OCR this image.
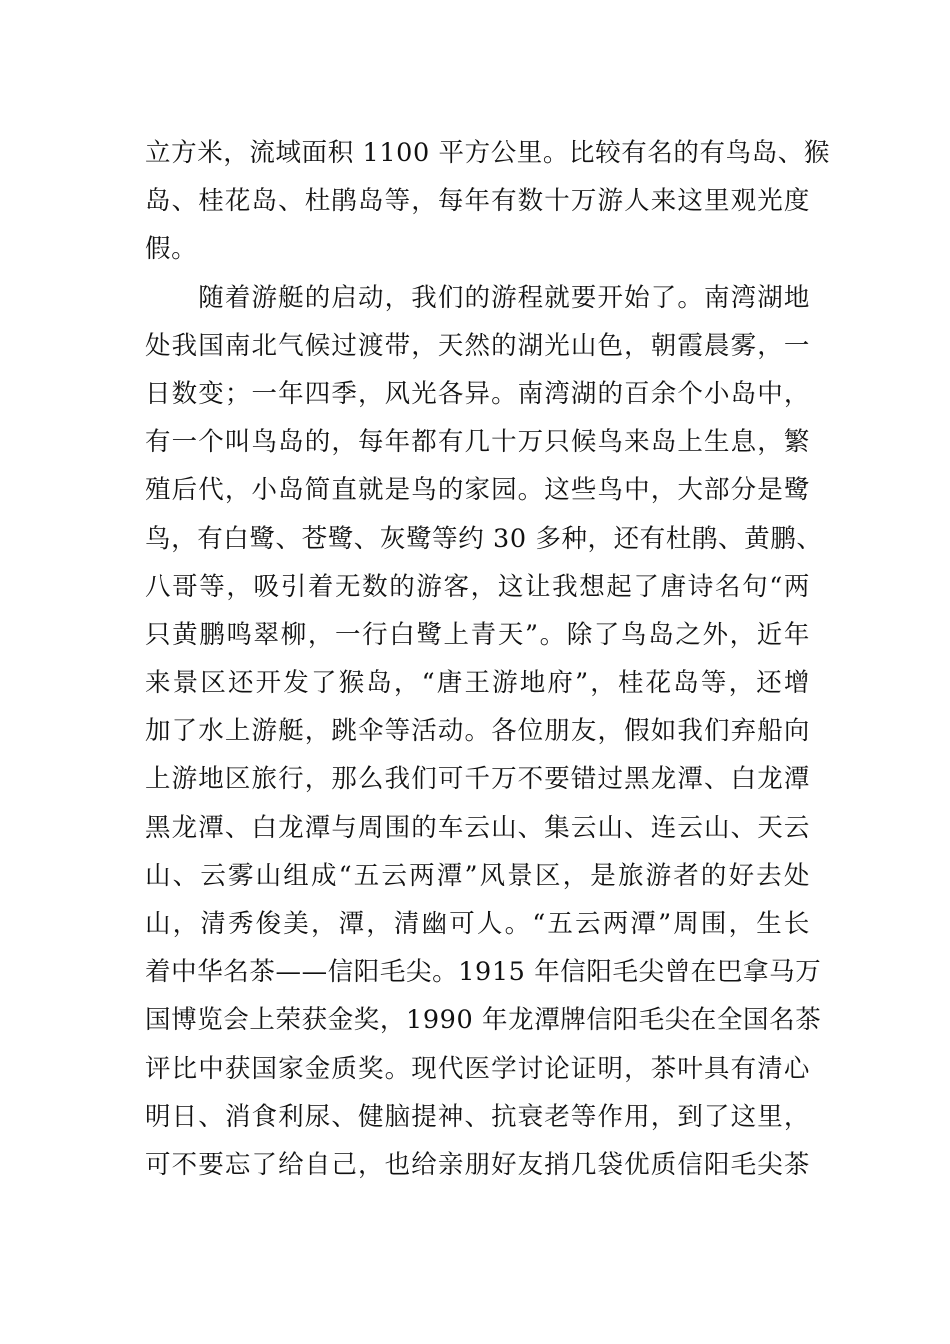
立方米，流域面积 1100 平方公里。比较有名的有鸟岛、猴
岛、桂花岛、杜鹃岛等，每年有数十万游人来这里观光度
假。
　　随着游艇的启动，我们的游程就要开始了。南湾湖地
处我国南北气候过渡带，天然的湖光山色，朝霞晨雾，一
日数变；一年四季，风光各异。南湾湖的百余个小岛中，
有一个叫鸟岛的，每年都有几十万只候鸟来岛上生息，繁
殖后代，小岛简直就是鸟的家园。这些鸟中，大部分是鹭
鸟，有白鹭、苍鹭、灰鹭等约 30 多种，还有杜鹃、黄鹏、
八哥等，吸引着无数的游客，这让我想起了唐诗名句“两
只黄鹏鸣翠柳，一行白鹭上青天”。除了鸟岛之外，近年
来景区还开发了猴岛，“唐王游地府”，桂花岛等，还增
加了水上游艇，跳伞等活动。各位朋友，假如我们弃船向
上游地区旅行，那么我们可千万不要错过黑龙潭、白龙潭
黑龙潭、白龙潭与周围的车云山、集云山、连云山、天云
山、云雾山组成“五云两潭”风景区，是旅游者的好去处
山，清秀俊美，潭，清幽可人。“五云两潭”周围，生长
着中华名茶——信阳毛尖。1915 年信阳毛尖曾在巴拿马万
国博览会上荣获金奖，1990 年龙潭牌信阳毛尖在全国名茶
评比中获国家金质奖。现代医学讨论证明，茶叶具有清心
明日、消食利尿、健脑提神、抗衰老等作用，到了这里，
可不要忘了给自己，也给亲朋好友捎几袋优质信阳毛尖茶
